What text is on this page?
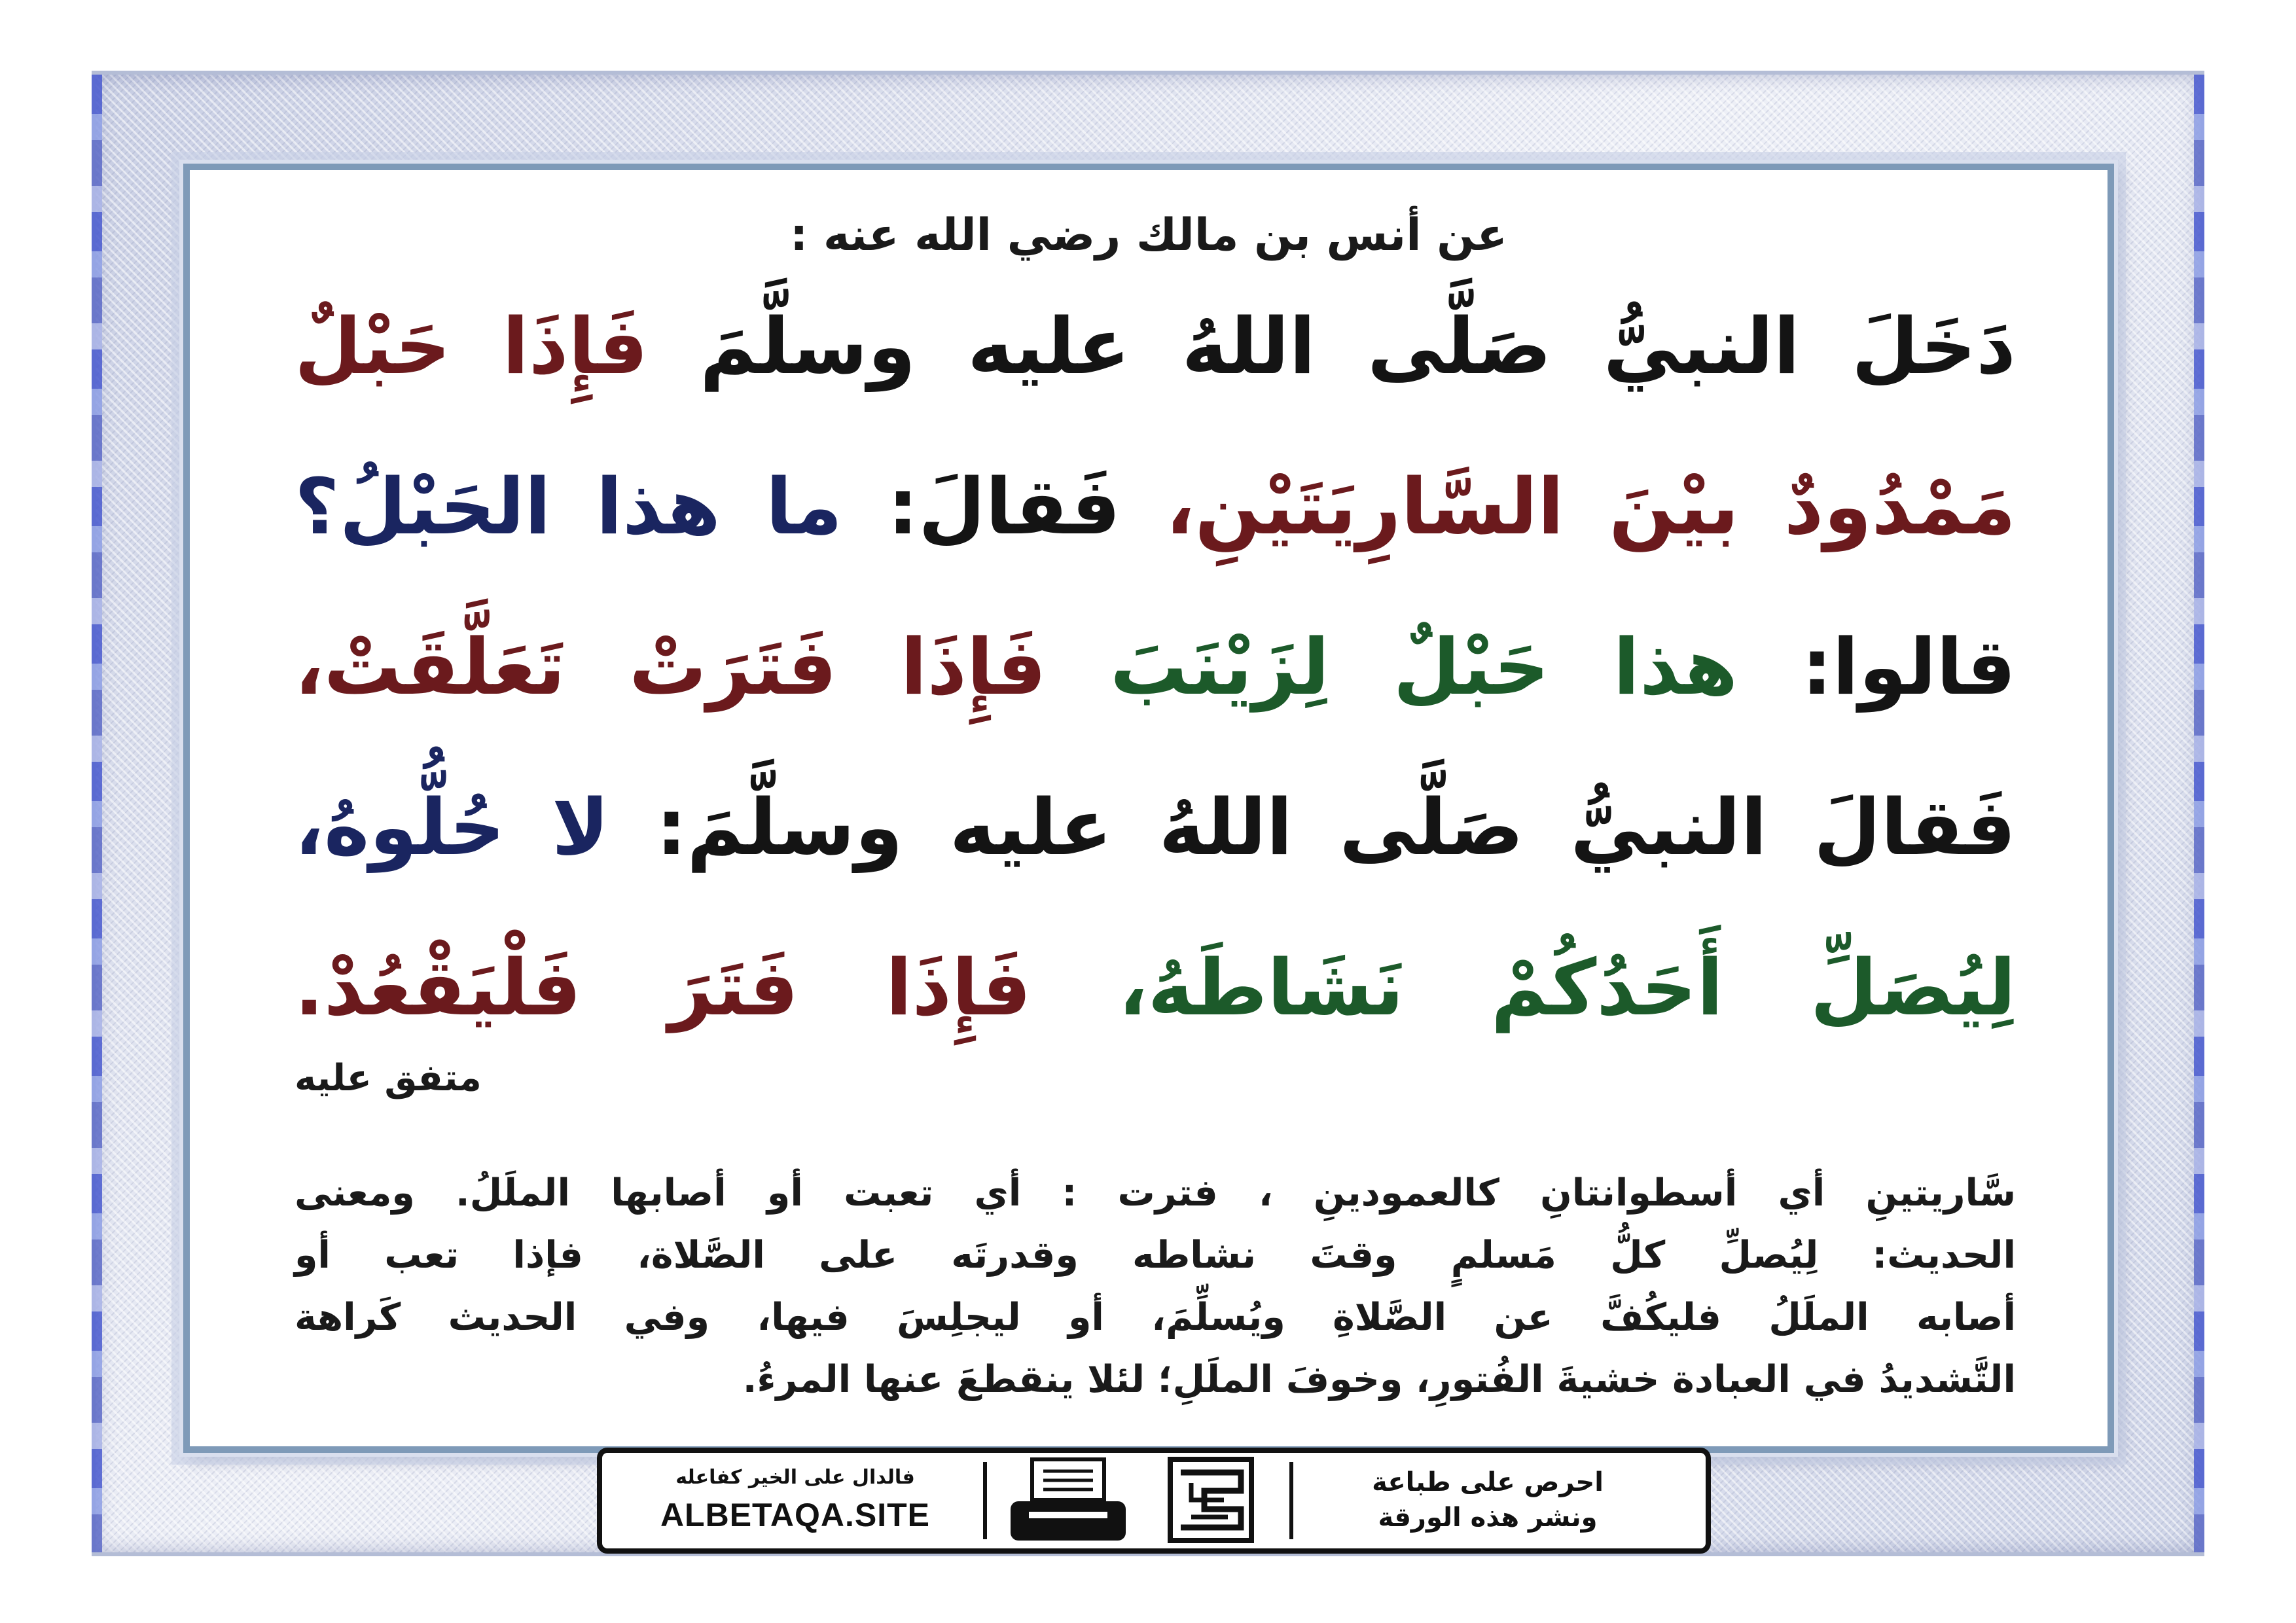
عن أنس بن مالك رضي الله عنه :
دَخَلَ النبيُّ صَلَّى اللهُ عليه وسلَّمَ فَإِذَا حَبْلٌ
مَمْدُودٌ بيْنَ السَّارِيَتَيْنِ، فَقالَ: ما هذا الحَبْلُ؟
قالوا: هذا حَبْلٌ لِزَيْنَبَ فَإِذَا فَتَرَتْ تَعَلَّقَتْ،
فَقالَ النبيُّ صَلَّى اللهُ عليه وسلَّمَ: لا حُلُّوهُ،
لِيُصَلِّ أَحَدُكُمْ نَشَاطَهُ، فَإِذَا فَتَرَ فَلْيَقْعُدْ.
متفق عليه
سَّاريتينِ أي أسطوانتانِ كالعمودينِ ، فترت : أي تعبت أو أصابها الملَلُ. ومعنى
الحديث: لِيُصلِّ كلُّ مَسلمٍ وقتَ نشاطه وقدرتَه على الصَّلاة، فإذا تعب أو
أصابه الملَلُ فليكُفَّ عن الصَّلاةِ ويُسلِّمَ، أو ليجلِسَ فيها، وفي الحديث كَراهة
التَّشديدُ في العبادة خشيةَ الفُتورِ، وخوفَ الملَلِ؛ لئلا ينقطعَ عنها المرءُ.
فالدال على الخير كفاعله
ALBETAQA.SITE
احرص على طباعة
ونشر هذه الورقة
